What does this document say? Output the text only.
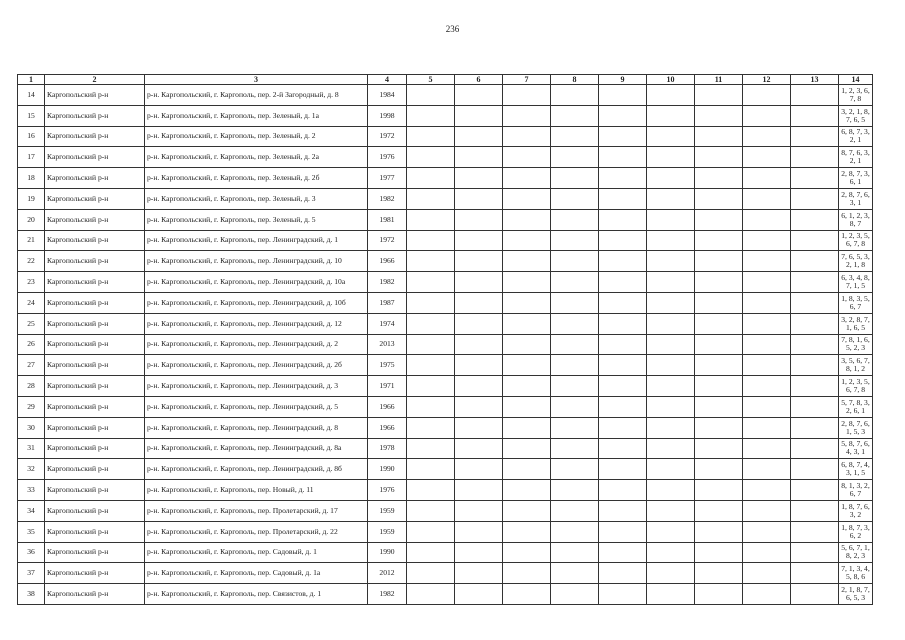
236
1	2	3	4	5	6	7	8	9	10	11	12	13	14
14	Каргопольский р-н	р-н. Каргопольский, г. Каргополь, пер. 2-й Загородный, д. 8	1984										1, 2, 3, 6, 7, 8
15	Каргопольский р-н	р-н. Каргопольский, г. Каргополь, пер. Зеленый, д. 1а	1998										3, 2, 1, 8, 7, 6, 5
16	Каргопольский р-н	р-н. Каргопольский, г. Каргополь, пер. Зеленый, д. 2	1972										6, 8, 7, 3, 2, 1
17	Каргопольский р-н	р-н. Каргопольский, г. Каргополь, пер. Зеленый, д. 2а	1976										8, 7, 6, 3, 2, 1
18	Каргопольский р-н	р-н. Каргопольский, г. Каргополь, пер. Зеленый, д. 2б	1977										2, 8, 7, 3, 6, 1
19	Каргопольский р-н	р-н. Каргопольский, г. Каргополь, пер. Зеленый, д. 3	1982										2, 8, 7, 6, 3, 1
20	Каргопольский р-н	р-н. Каргопольский, г. Каргополь, пер. Зеленый, д. 5	1981										6, 1, 2, 3, 8, 7
21	Каргопольский р-н	р-н. Каргопольский, г. Каргополь, пер. Ленинградский, д. 1	1972										1, 2, 3, 5, 6, 7, 8
22	Каргопольский р-н	р-н. Каргопольский, г. Каргополь, пер. Ленинградский, д. 10	1966										7, 6, 5, 3, 2, 1, 8
23	Каргопольский р-н	р-н. Каргопольский, г. Каргополь, пер. Ленинградский, д. 10а	1982										6, 3, 4, 8, 7, 1, 5
24	Каргопольский р-н	р-н. Каргопольский, г. Каргополь, пер. Ленинградский, д. 10б	1987										1, 8, 3, 5, 6, 7
25	Каргопольский р-н	р-н. Каргопольский, г. Каргополь, пер. Ленинградский, д. 12	1974										3, 2, 8, 7, 1, 6, 5
26	Каргопольский р-н	р-н. Каргопольский, г. Каргополь, пер. Ленинградский, д. 2	2013										7, 8, 1, 6, 5, 2, 3
27	Каргопольский р-н	р-н. Каргопольский, г. Каргополь, пер. Ленинградский, д. 2б	1975										3, 5, 6, 7, 8, 1, 2
28	Каргопольский р-н	р-н. Каргопольский, г. Каргополь, пер. Ленинградский, д. 3	1971										1, 2, 3, 5, 6, 7, 8
29	Каргопольский р-н	р-н. Каргопольский, г. Каргополь, пер. Ленинградский, д. 5	1966										5, 7, 8, 3, 2, 6, 1
30	Каргопольский р-н	р-н. Каргопольский, г. Каргополь, пер. Ленинградский, д. 8	1966										2, 8, 7, 6, 1, 5, 3
31	Каргопольский р-н	р-н. Каргопольский, г. Каргополь, пер. Ленинградский, д. 8а	1978										5, 8, 7, 6, 4, 3, 1
32	Каргопольский р-н	р-н. Каргопольский, г. Каргополь, пер. Ленинградский, д. 8б	1990										6, 8, 7, 4, 3, 1, 5
33	Каргопольский р-н	р-н. Каргопольский, г. Каргополь, пер. Новый, д. 11	1976										8, 1, 3, 2, 6, 7
34	Каргопольский р-н	р-н. Каргопольский, г. Каргополь, пер. Пролетарский, д. 17	1959										1, 8, 7, 6, 3, 2
35	Каргопольский р-н	р-н. Каргопольский, г. Каргополь, пер. Пролетарский, д. 22	1959										1, 8, 7, 3, 6, 2
36	Каргопольский р-н	р-н. Каргопольский, г. Каргополь, пер. Садовый, д. 1	1990										5, 6, 7, 1, 8, 2, 3
37	Каргопольский р-н	р-н. Каргопольский, г. Каргополь, пер. Садовый, д. 1а	2012										7, 1, 3, 4, 5, 8, 6
38	Каргопольский р-н	р-н. Каргопольский, г. Каргополь, пер. Связистов, д. 1	1982										2, 1, 8, 7, 6, 5, 3
